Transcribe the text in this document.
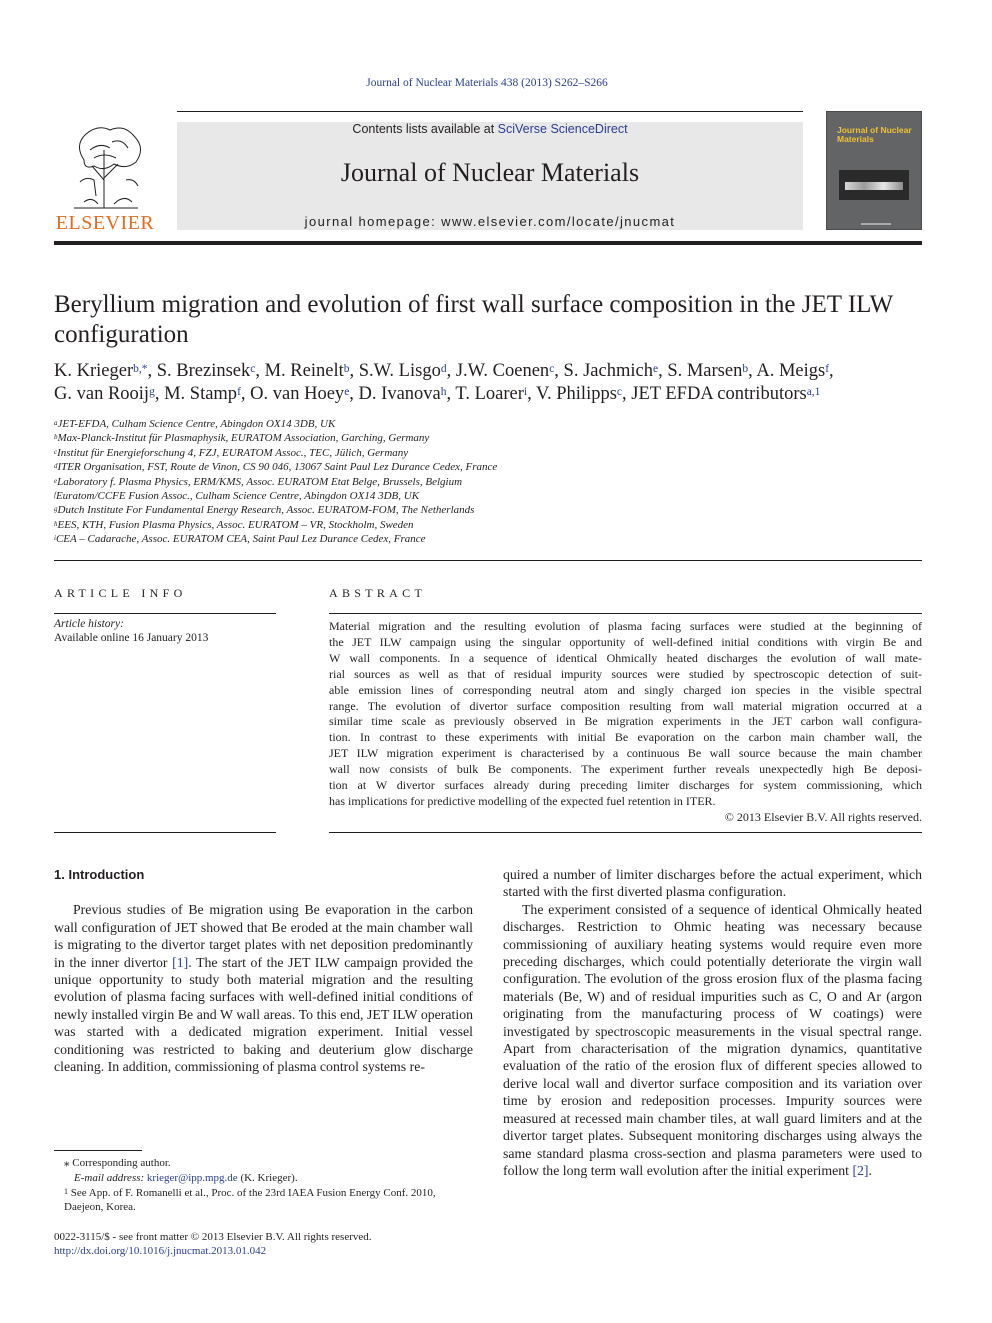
Journal of Nuclear Materials 438 (2013) S262–S266
ELSEVIER
Contents lists available at SciVerse ScienceDirect
Journal of Nuclear Materials
journal homepage: www.elsevier.com/locate/jnucmat
Journal of Nuclear Materials
Beryllium migration and evolution of first wall surface composition in the JET ILW configuration
K. Krieger$^{b,*}$, S. Brezinsek$^c$, M. Reinelt$^b$, S.W. Lisgo$^d$, J.W. Coenen$^c$, S. Jachmich$^e$, S. Marsen$^b$, A. Meigs$^f$,
G. van Rooij$^g$, M. Stamp$^f$, O. van Hoey$^e$, D. Ivanova$^h$, T. Loarer$^i$, V. Philipps$^c$, JET EFDA contributors$^{a,1}$
$^a$JET-EFDA, Culham Science Centre, Abingdon OX14 3DB, UK
$^b$Max-Planck-Institut für Plasmaphysik, EURATOM Association, Garching, Germany
$^c$Institut für Energieforschung 4, FZJ, EURATOM Assoc., TEC, Jülich, Germany
$^d$ITER Organisation, FST, Route de Vinon, CS 90 046, 13067 Saint Paul Lez Durance Cedex, France
$^e$Laboratory f. Plasma Physics, ERM/KMS, Assoc. EURATOM Etat Belge, Brussels, Belgium
$^f$Euratom/CCFE Fusion Assoc., Culham Science Centre, Abingdon OX14 3DB, UK
$^g$Dutch Institute For Fundamental Energy Research, Assoc. EURATOM-FOM, The Netherlands
$^h$EES, KTH, Fusion Plasma Physics, Assoc. EURATOM – VR, Stockholm, Sweden
$^i$CEA – Cadarache, Assoc. EURATOM CEA, Saint Paul Lez Durance Cedex, France
ARTICLE INFO
Article history:
Available online 16 January 2013
ABSTRACT
Material migration and the resulting evolution of plasma facing surfaces were studied at the beginning of
the JET ILW campaign using the singular opportunity of well-defined initial conditions with virgin Be and
W wall components. In a sequence of identical Ohmically heated discharges the evolution of wall mate-
rial sources as well as that of residual impurity sources were studied by spectroscopic detection of suit-
able emission lines of corresponding neutral atom and singly charged ion species in the visible spectral
range. The evolution of divertor surface composition resulting from wall material migration occurred at a
similar time scale as previously observed in Be migration experiments in the JET carbon wall configura-
tion. In contrast to these experiments with initial Be evaporation on the carbon main chamber wall, the
JET ILW migration experiment is characterised by a continuous Be wall source because the main chamber
wall now consists of bulk Be components. The experiment further reveals unexpectedly high Be deposi-
tion at W divertor surfaces already during preceding limiter discharges for system commissioning, which
has implications for predictive modelling of the expected fuel retention in ITER.
© 2013 Elsevier B.V. All rights reserved.
1. Introduction

Previous studies of Be migration using Be evaporation in the carbon wall configuration of JET showed that Be eroded at the main chamber wall is migrating to the divertor target plates with net deposition predominantly in the inner divertor [1]. The start of the JET ILW campaign provided the unique opportunity to study both material migration and the resulting evolution of plasma facing surfaces with well-defined initial conditions of newly installed virgin Be and W wall areas. To this end, JET ILW operation was started with a dedicated migration experiment. Initial vessel conditioning was restricted to baking and deuterium glow discharge cleaning. In addition, commissioning of plasma control systems re-

quired a number of limiter discharges before the actual experiment, which started with the first diverted plasma configuration.

The experiment consisted of a sequence of identical Ohmically heated discharges. Restriction to Ohmic heating was necessary because commissioning of auxiliary heating systems would require even more preceding discharges, which could potentially deteriorate the virgin wall configuration. The evolution of the gross erosion flux of the plasma facing materials (Be, W) and of residual impurities such as C, O and Ar (argon originating from the manufacturing process of W coatings) were investigated by spectroscopic measurements in the visual spectral range. Apart from characterisation of the migration dynamics, quantitative evaluation of the ratio of the erosion flux of different species allowed to derive local wall and divertor surface composition and its variation over time by erosion and redeposition processes. Impurity sources were measured at recessed main chamber tiles, at wall guard limiters and at the divertor target plates. Subsequent monitoring discharges using always the same standard plasma cross-section and plasma parameters were used to follow the long term wall evolution after the initial experiment [2].

⁎ Corresponding author.
E-mail address: krieger@ipp.mpg.de (K. Krieger).
$^1$ See App. of F. Romanelli et al., Proc. of the 23rd IAEA Fusion Energy Conf. 2010, Daejeon, Korea.
0022-3115/$ - see front matter © 2013 Elsevier B.V. All rights reserved.
http://dx.doi.org/10.1016/j.jnucmat.2013.01.042
